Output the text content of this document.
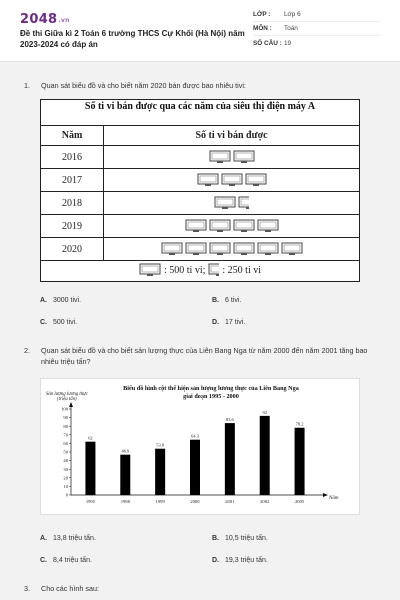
2048.vn
Đề thi Giữa kì 2 Toán 6 trường THCS Cự Khối (Hà Nội) năm 2023-2024 có đáp án
LỚP :	Lớp 6
MÔN :	Toán
SỐ CÂU : 19
1. Quan sát biểu đồ và cho biết năm 2020 bán được bao nhiêu tivi:
Số ti vi bán được qua các năm của siêu thị điện máy A
Năm	Số ti vi bán được
2016
2017
2018
2019
2020
: 500 ti vi; : 250 ti vi
A. 3000 tivi.	B. 6 tivi.
C. 500 tivi.	D. 17 tivi.
2. Quan sát biểu đồ và cho biết sản lượng thực của Liên Bang Nga từ năm 2000 đến năm 2001 tăng bao nhiêu triệu tấn?
Biểu đồ hình cột thể hiện sản lượng lương thực của Liên Bang Nga
giai đoạn 1995 - 2000
Sản lượng lương thực
(triệu tấn)
Năm
0
10
20
30
40
50
60
70
80
90
100
62
1995
46.9
1998
53.8
1999
64.3
2000
83.6
2001
92
2002
78.2
2005
A. 13,8 triệu tấn.	B. 10,5 triệu tấn.
C. 8,4 triệu tấn.	D. 19,3 triệu tấn.
3. Cho các hình sau:
